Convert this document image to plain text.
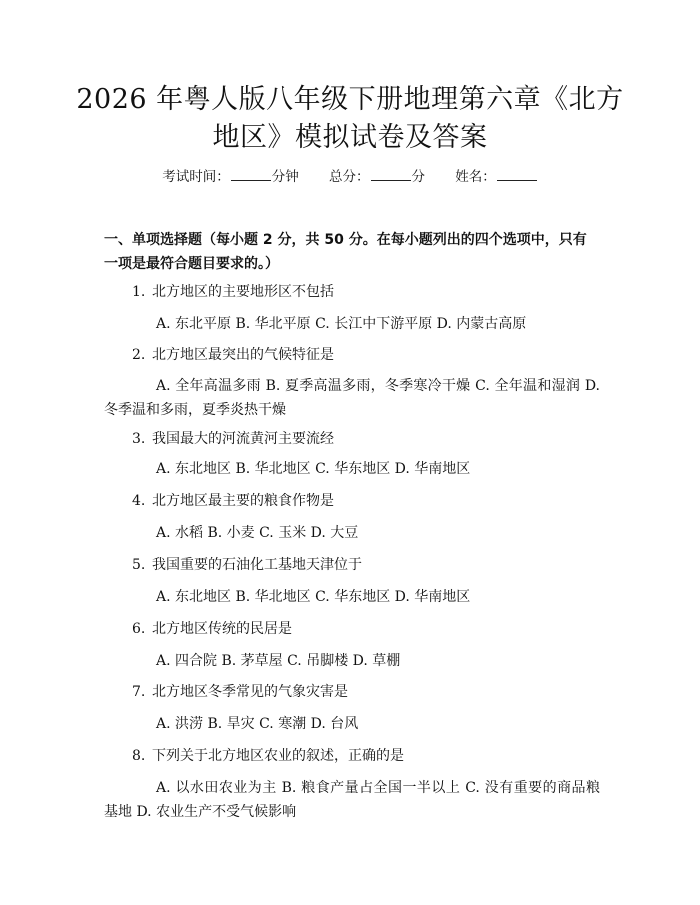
2026 年粤人版八年级下册地理第六章《北方
地区》模拟试卷及答案
考试时间：	分钟 总分：	分 姓名：
一、单项选择题（每小题 2 分，共 50 分。在每小题列出的四个选项中，只有一项是最符合题目要求的。）
1. 北方地区的主要地形区不包括
A. 东北平原 B. 华北平原 C. 长江中下游平原 D. 内蒙古高原
2. 北方地区最突出的气候特征是
A. 全年高温多雨 B. 夏季高温多雨，冬季寒冷干燥 C. 全年温和湿润 D. 冬季温和多雨，夏季炎热干燥
3. 我国最大的河流黄河主要流经
A. 东北地区 B. 华北地区 C. 华东地区 D. 华南地区
4. 北方地区最主要的粮食作物是
A. 水稻 B. 小麦 C. 玉米 D. 大豆
5. 我国重要的石油化工基地天津位于
A. 东北地区 B. 华北地区 C. 华东地区 D. 华南地区
6. 北方地区传统的民居是
A. 四合院 B. 茅草屋 C. 吊脚楼 D. 草棚
7. 北方地区冬季常见的气象灾害是
A. 洪涝 B. 旱灾 C. 寒潮 D. 台风
8. 下列关于北方地区农业的叙述，正确的是
A. 以水田农业为主 B. 粮食产量占全国一半以上 C. 没有重要的商品粮基地 D. 农业生产不受气候影响
